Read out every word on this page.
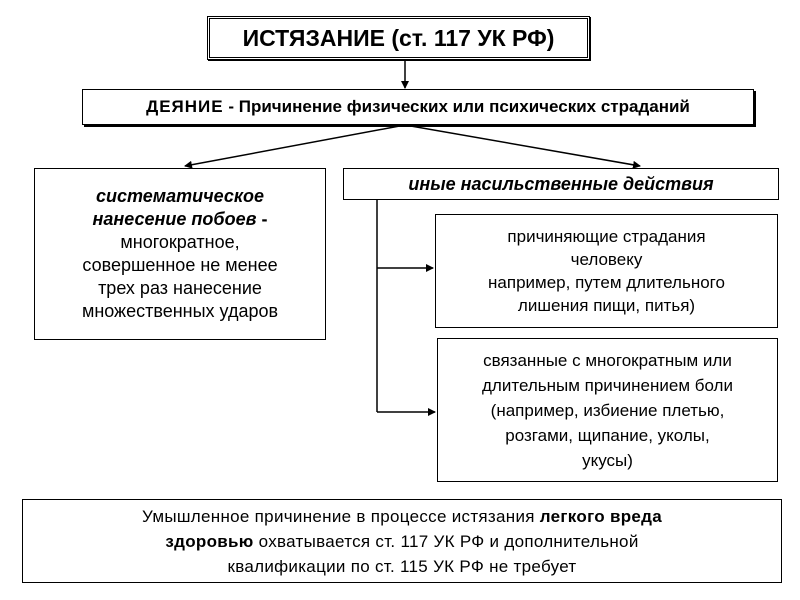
ИСТЯЗАНИЕ (ст. 117 УК РФ)
ДЕЯНИЕ - Причинение физических или психических страданий
систематическое
нанесение побоев -
многократное,
совершенное не менее
трех раз нанесение
множественных ударов
иные насильственные действия
причиняющие страдания
человеку
например, путем длительного
лишения пищи, питья)
связанные с многократным или
длительным причинением боли
(например, избиение плетью,
розгами, щипание, уколы,
укусы)
Умышленное причинение в процессе истязания легкого вреда
здоровью охватывается ст. 117 УК РФ и дополнительной
квалификации по ст. 115 УК РФ не требует
